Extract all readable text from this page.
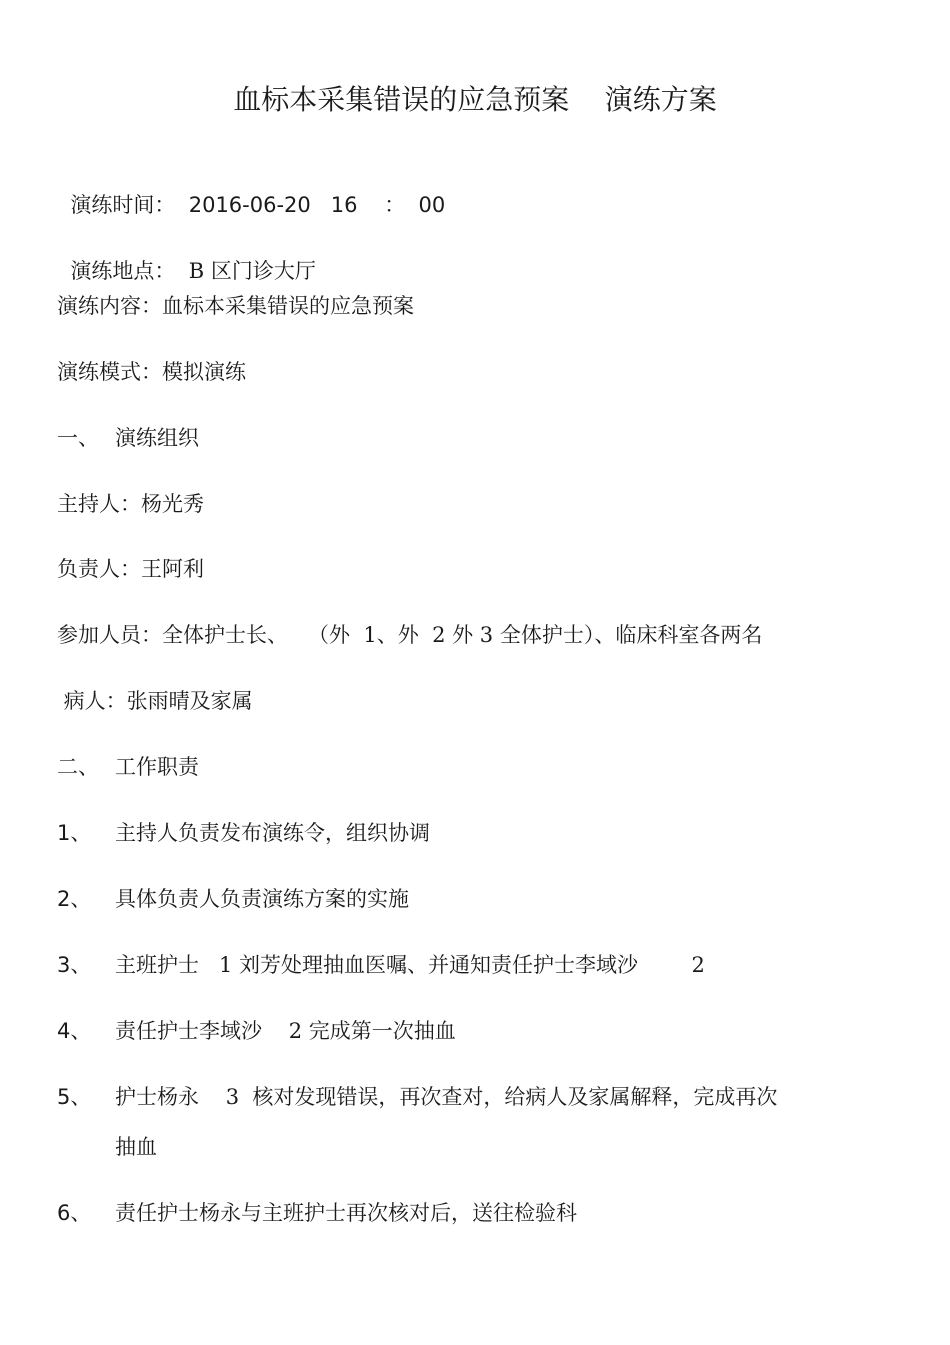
血标本采集错误的应急预案    演练方案

演练时间： 2016-06-20   16    ：  00

演练地点： B 区门诊大厅

演练内容：血标本采集错误的应急预案
演练模式：模拟演练
一、 演练组织
主持人：杨光秀
负责人：王阿利
参加人员：全体护士长、   （外  1、外  2 外 3 全体护士）、临床科室各两名
病人：张雨晴及家属
二、 工作职责
1、 主持人负责发布演练令，组织协调
2、 具体负责人负责演练方案的实施
3、 主班护士   1 刘芳处理抽血医嘱、并通知责任护士李域沙        2
4、 责任护士李域沙    2 完成第一次抽血
5、 护士杨永    3  核对发现错误，再次查对，给病人及家属解释，完成再次
抽血
6、 责任护士杨永与主班护士再次核对后，送往检验科
